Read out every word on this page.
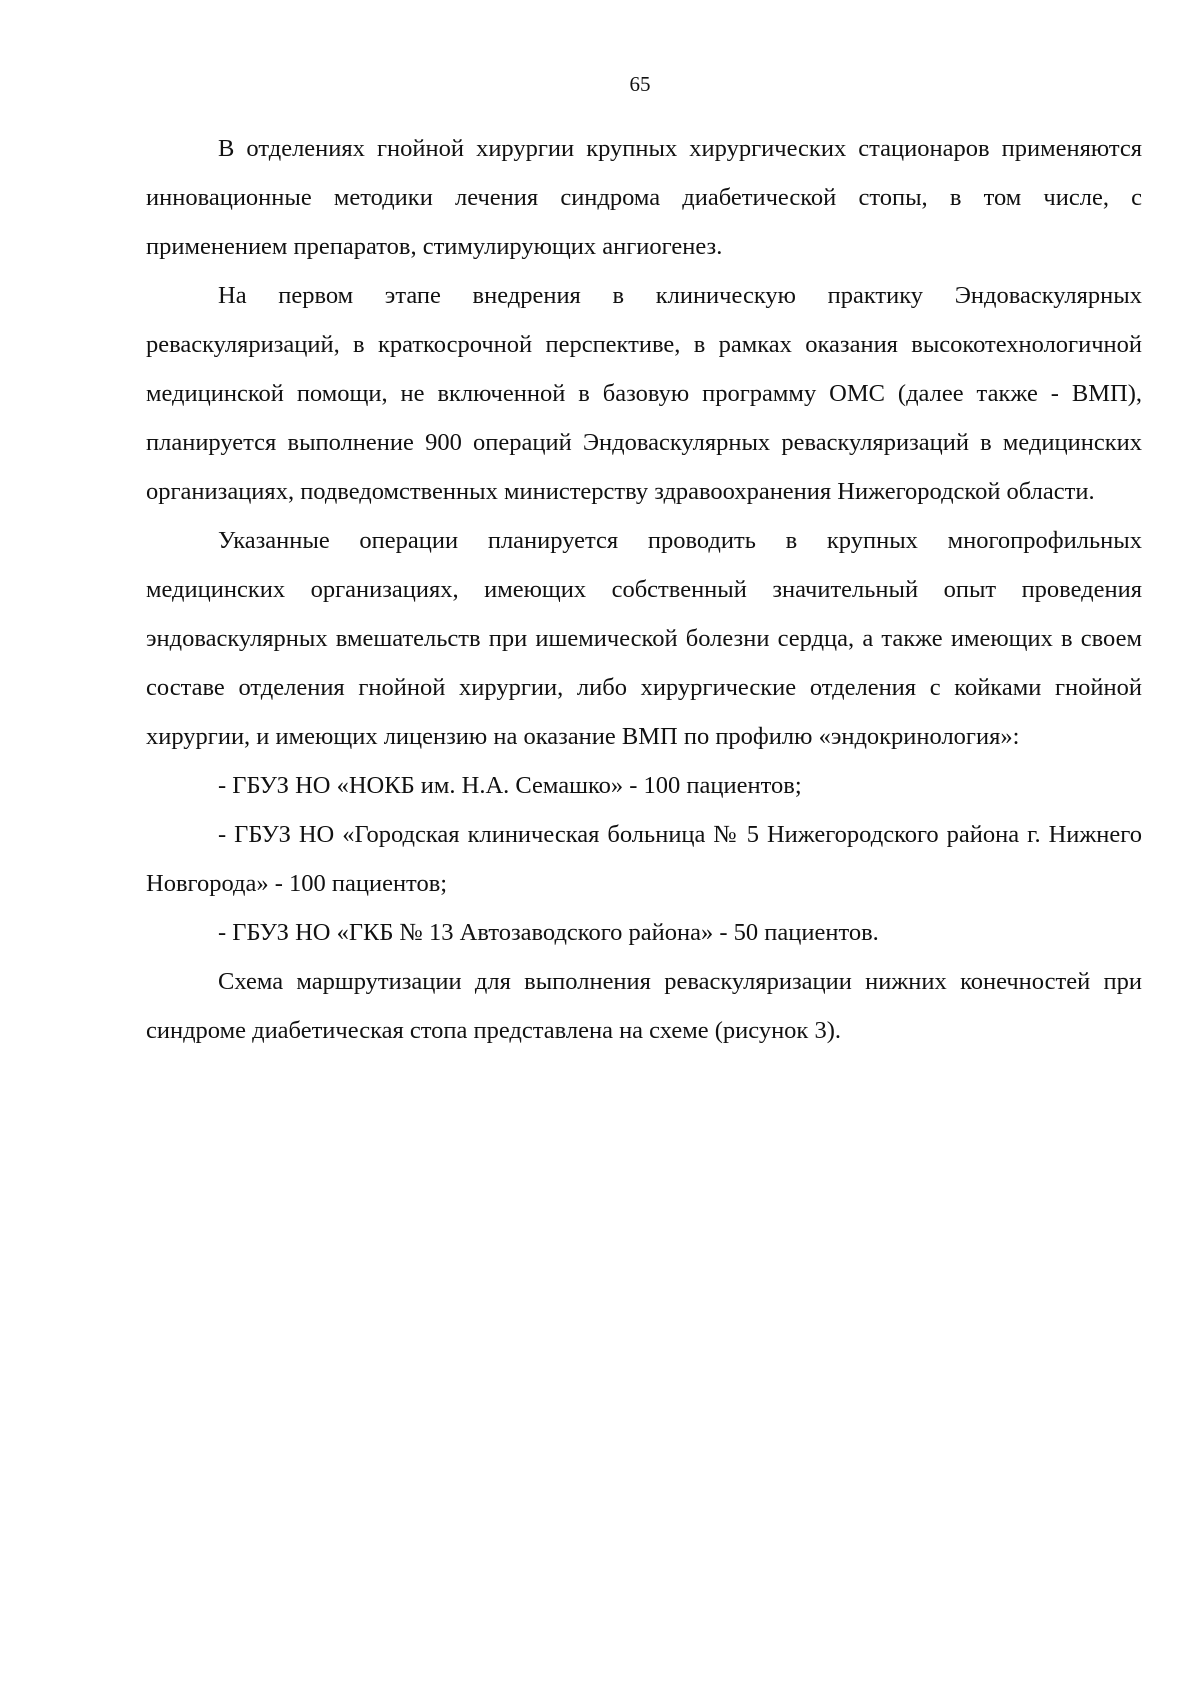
65

В отделениях гнойной хирургии крупных хирургических стационаров применяются инновационные методики лечения синдрома диабетической стопы, в том числе, с применением препаратов, стимулирующих ангиогенез.

На первом этапе внедрения в клиническую практику Эндоваскулярных реваскуляризаций, в краткосрочной перспективе, в рамках оказания высокотехнологичной медицинской помощи, не включенной в базовую программу ОМС (далее также - ВМП), планируется выполнение 900 операций Эндоваскулярных реваскуляризаций в медицинских организациях, подведомственных министерству здравоохранения Нижегородской области.

Указанные операции планируется проводить в крупных многопрофильных медицинских организациях, имеющих собственный значительный опыт проведения эндоваскулярных вмешательств при ишемической болезни сердца, а также имеющих в своем составе отделения гнойной хирургии, либо хирургические отделения с койками гнойной хирургии, и имеющих лицензию на оказание ВМП по профилю «эндокринология»:

- ГБУЗ НО «НОКБ им. Н.А. Семашко» - 100 пациентов;

- ГБУЗ НО «Городская клиническая больница № 5 Нижегородского района г. Нижнего Новгорода» - 100 пациентов;

- ГБУЗ НО «ГКБ № 13 Автозаводского района» - 50 пациентов.

Схема маршрутизации для выполнения реваскуляризации нижних конечностей при синдроме диабетическая стопа представлена на схеме (рисунок 3).
